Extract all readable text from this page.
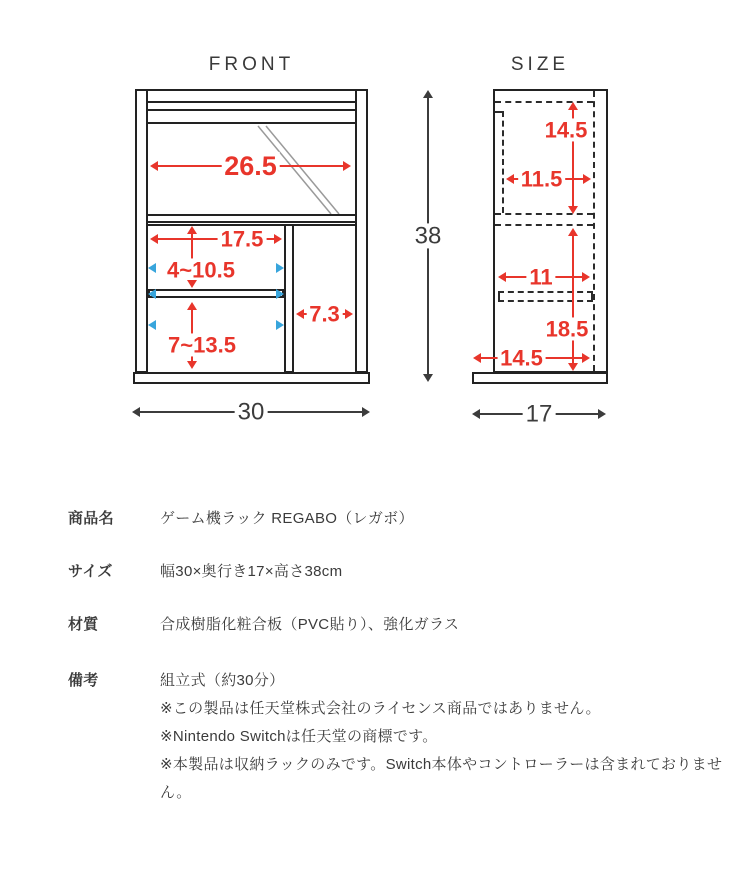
FRONT
26.5
17.5
4~10.5
7~13.5
7.3
38
30
SIZE
14.5
11.5
11
18.5
14.5
17
商品名	ゲーム機ラック REGABO（レガボ）
サイズ	幅30×奥行き17×高さ38cm
材質	合成樹脂化粧合板（PVC貼り）、強化ガラス
備考	組立式（約30分）
※この製品は任天堂株式会社のライセンス商品ではありません。
※Nintendo Switchは任天堂の商標です。
※本製品は収納ラックのみです。Switch本体やコントローラーは含まれておりません。
